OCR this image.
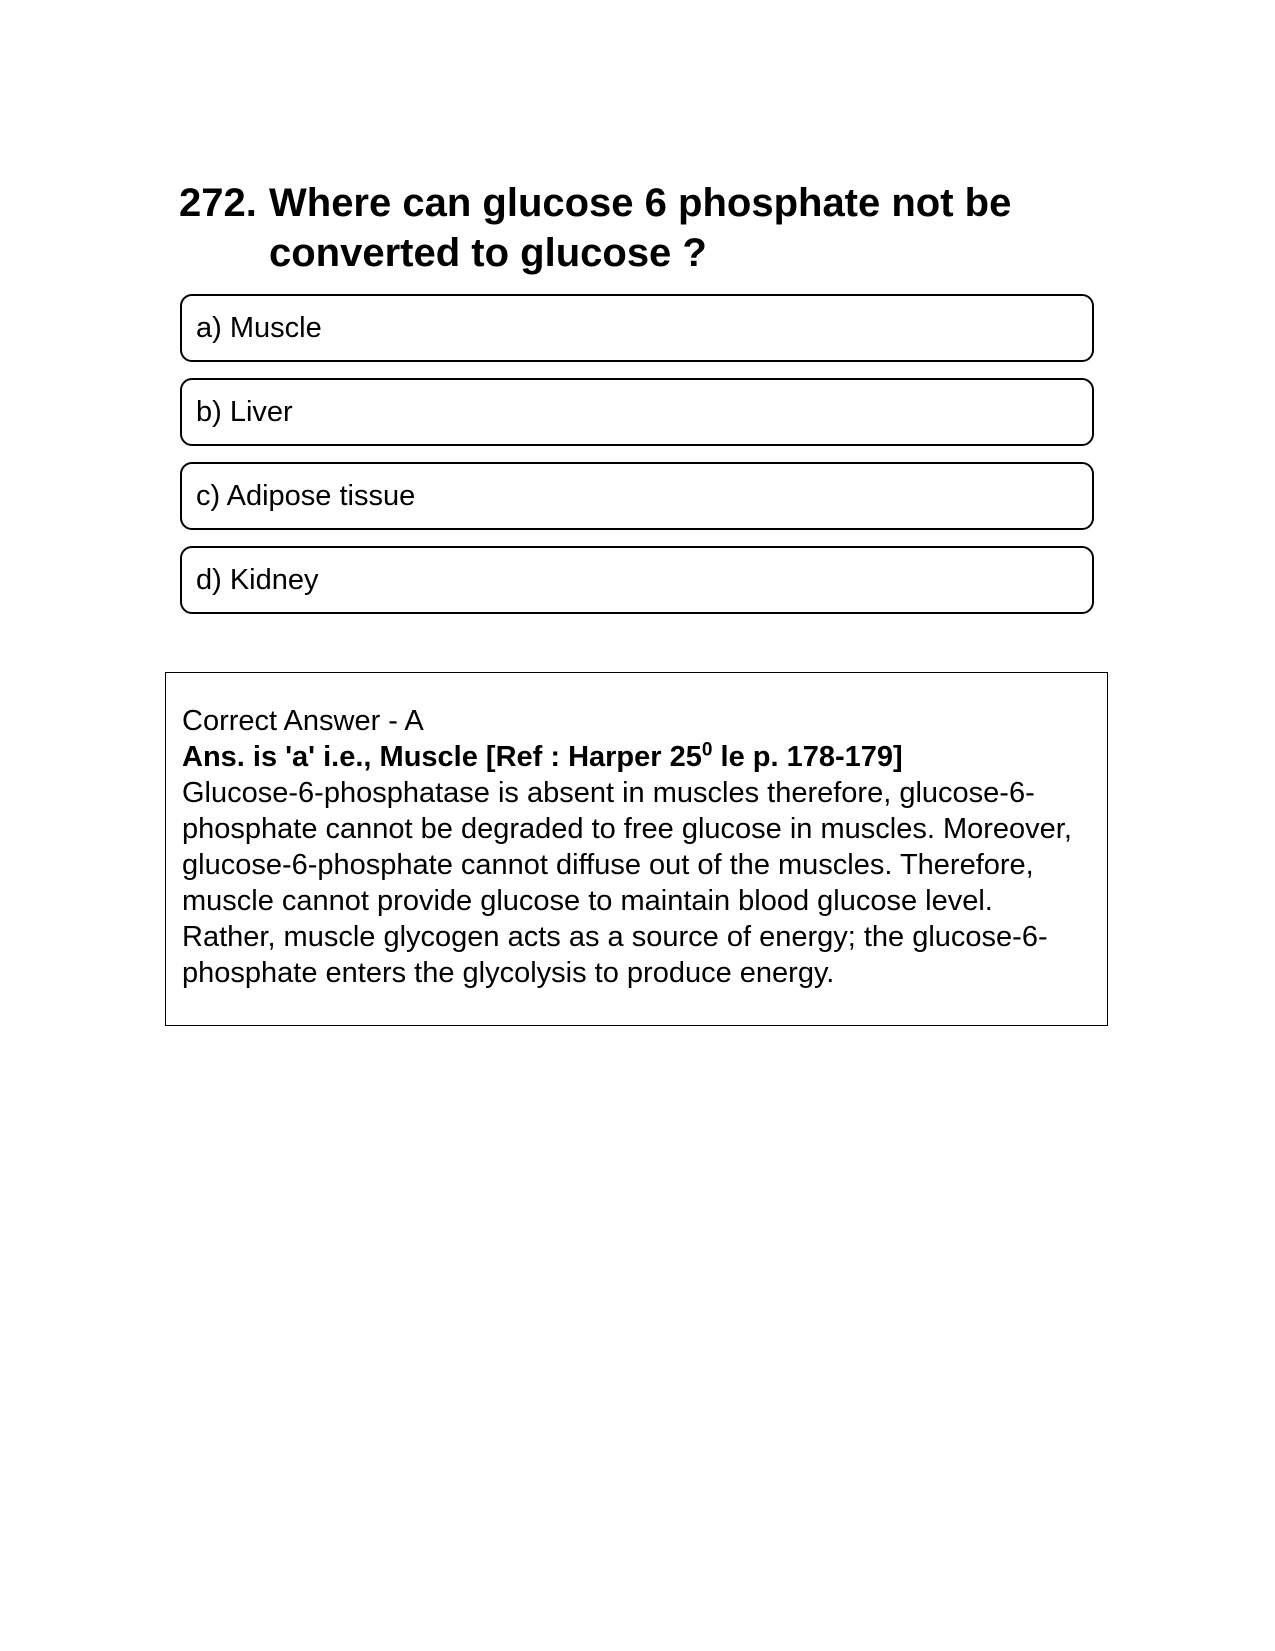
272. Where can glucose 6 phosphate not be converted to glucose ?
a) Muscle
b) Liver
c) Adipose tissue
d) Kidney
Correct Answer - A
Ans. is 'a' i.e., Muscle [Ref : Harper $25^0$ le p. 178-179]
Glucose-6-phosphatase is absent in muscles therefore, glucose-6-phosphate cannot be degraded to free glucose in muscles. Moreover, glucose-6-phosphate cannot diffuse out of the muscles. Therefore, muscle cannot provide glucose to maintain blood glucose level. Rather, muscle glycogen acts as a source of energy; the glucose-6-phosphate enters the glycolysis to produce energy.
